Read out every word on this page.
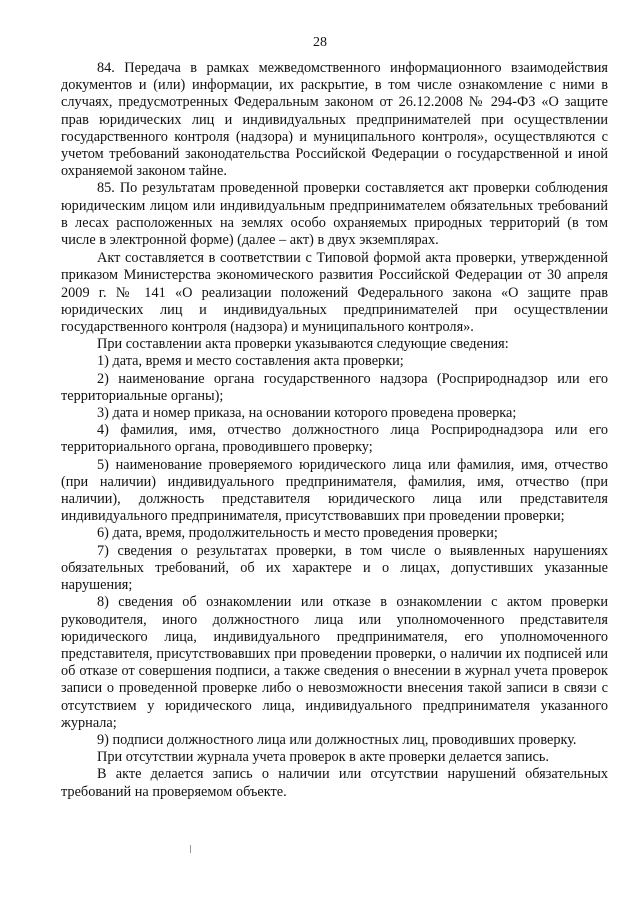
28

84. Передача в рамках межведомственного информационного взаимодействия документов и (или) информации, их раскрытие, в том числе ознакомление с ними в случаях, предусмотренных Федеральным законом от 26.12.2008 № 294-ФЗ «О защите прав юридических лиц и индивидуальных предпринимателей при осуществлении государственного контроля (надзора) и муниципального контроля», осуществляются с учетом требований законодательства Российской Федерации о государственной и иной охраняемой законом тайне.

85. По результатам проведенной проверки составляется акт проверки соблюдения юридическим лицом или индивидуальным предпринимателем обязательных требований в лесах расположенных на землях особо охраняемых природных территорий (в том числе в электронной форме) (далее – акт) в двух экземплярах.

Акт составляется в соответствии с Типовой формой акта проверки, утвержденной приказом Министерства экономического развития Российской Федерации от 30 апреля 2009 г. № 141 «О реализации положений Федерального закона «О защите прав юридических лиц и индивидуальных предпринимателей при осуществлении государственного контроля (надзора) и муниципального контроля».

При составлении акта проверки указываются следующие сведения:

1) дата, время и место составления акта проверки;

2) наименование органа государственного надзора (Росприроднадзор или его территориальные органы);

3) дата и номер приказа, на основании которого проведена проверка;

4) фамилия, имя, отчество должностного лица Росприроднадзора или его территориального органа, проводившего проверку;

5) наименование проверяемого юридического лица или фамилия, имя, отчество (при наличии) индивидуального предпринимателя, фамилия, имя, отчество (при наличии), должность представителя юридического лица или представителя индивидуального предпринимателя, присутствовавших при проведении проверки;

6) дата, время, продолжительность и место проведения проверки;

7) сведения о результатах проверки, в том числе о выявленных нарушениях обязательных требований, об их характере и о лицах, допустивших указанные нарушения;

8) сведения об ознакомлении или отказе в ознакомлении с актом проверки руководителя, иного должностного лица или уполномоченного представителя юридического лица, индивидуального предпринимателя, его уполномоченного представителя, присутствовавших при проведении проверки, о наличии их подписей или об отказе от совершения подписи, а также сведения о внесении в журнал учета проверок записи о проведенной проверке либо о невозможности внесения такой записи в связи с отсутствием у юридического лица, индивидуального предпринимателя указанного журнала;

9) подписи должностного лица или должностных лиц, проводивших проверку.

При отсутствии журнала учета проверок в акте проверки делается запись.

В акте делается запись о наличии или отсутствии нарушений обязательных требований на проверяемом объекте.
